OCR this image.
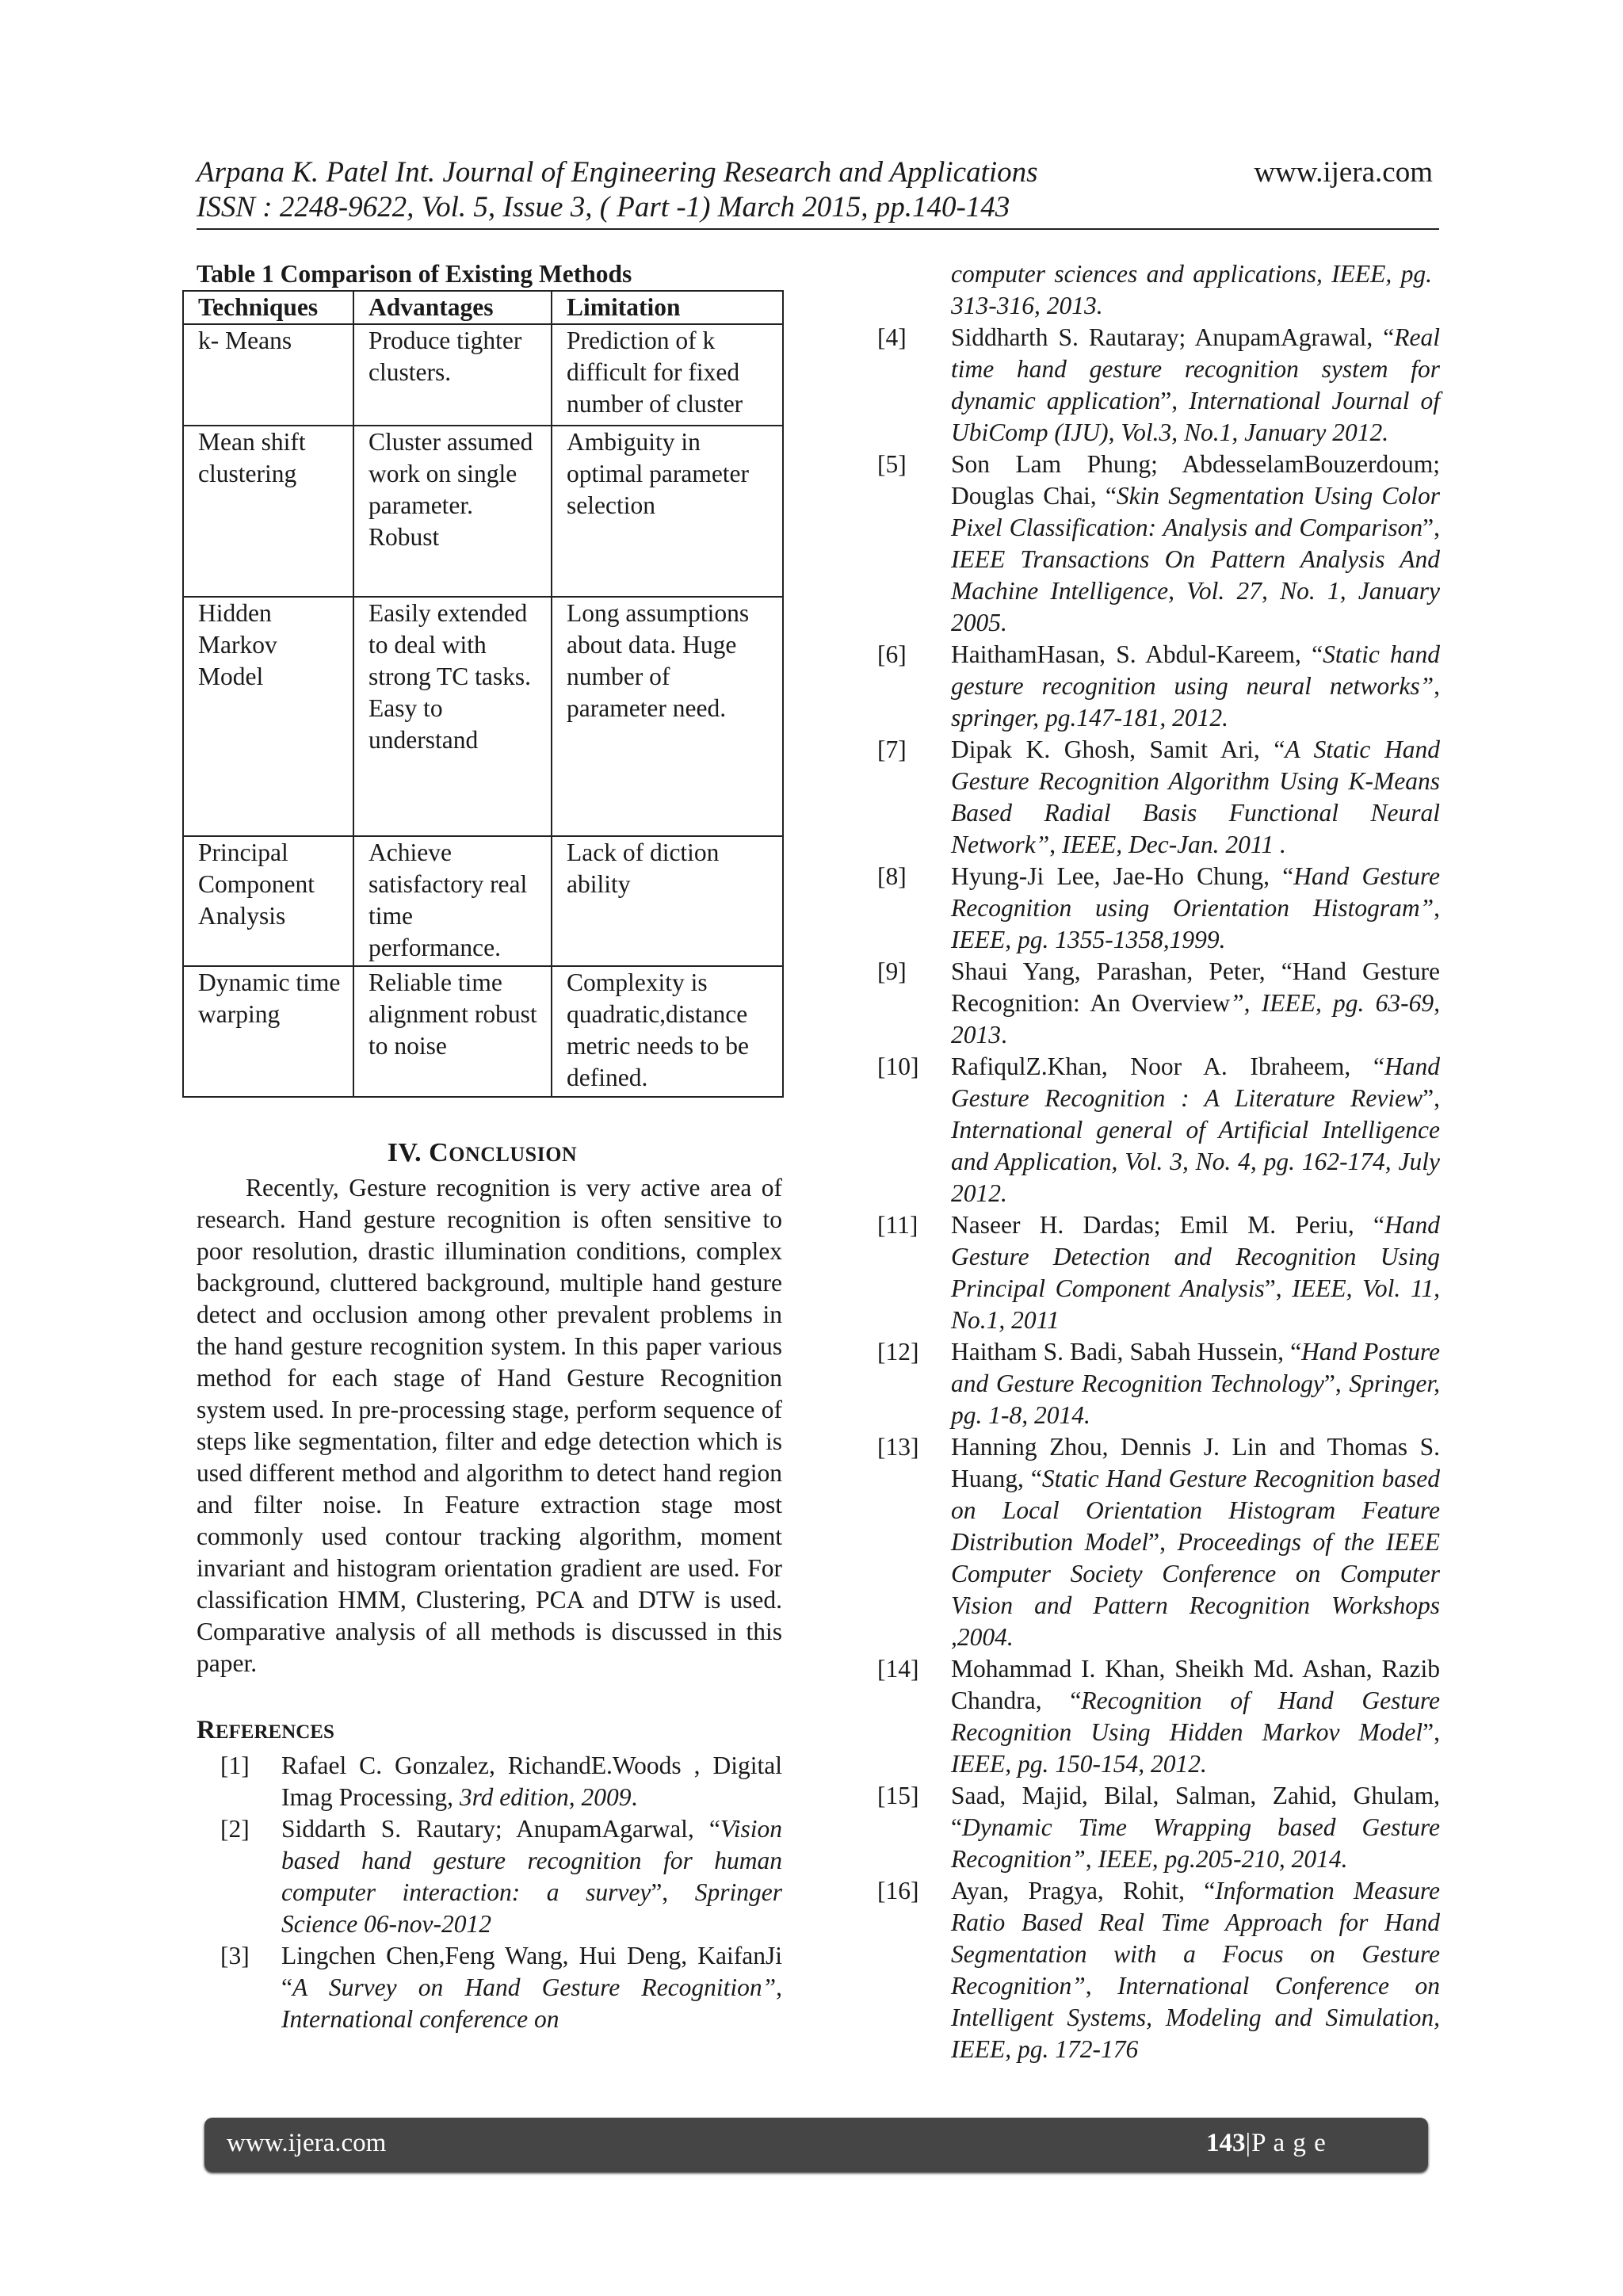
Arpana K. Patel Int. Journal of Engineering Research and Applications	www.ijera.com
ISSN : 2248-9622, Vol. 5, Issue 3, ( Part -1) March 2015, pp.140-143
Table 1 Comparison of Existing Methods
Techniques	Advantages	Limitation
k- Means	Produce tighter clusters.	Prediction of k difficult for fixed number of cluster
Mean shift clustering	Cluster assumed work on single parameter. Robust	Ambiguity in optimal parameter selection
Hidden Markov Model	Easily extended to deal with strong TC tasks. Easy to understand	Long assumptions about data. Huge number of parameter need.
Principal Component Analysis	Achieve satisfactory real time performance.	Lack of diction ability
Dynamic time warping	Reliable time alignment robust to noise	Complexity is quadratic,distance metric needs to be defined.
IV. CONCLUSION

Recently, Gesture recognition is very active area of research. Hand gesture recognition is often sensitive to poor resolution, drastic illumination conditions, complex background, cluttered background, multiple hand gesture detect and occlusion among other prevalent problems in the hand gesture recognition system. In this paper various method for each stage of Hand Gesture Recognition system used. In pre-processing stage, perform sequence of steps like segmentation, filter and edge detection which is used different method and algorithm to detect hand region and filter noise. In Feature extraction stage most commonly used contour tracking algorithm, moment invariant and histogram orientation gradient are used. For classification HMM, Clustering, PCA and DTW is used. Comparative analysis of all methods is discussed in this paper.

REFERENCES
[1]	Rafael C. Gonzalez, RichandE.Woods , Digital Imag Processing, 3rd edition, 2009.
[2]	Siddarth S. Rautary; AnupamAgarwal, “Vision based hand gesture recognition for human computer interaction: a survey”, Springer Science 06-nov-2012
[3]	Lingchen Chen,Feng Wang, Hui Deng, KaifanJi “A Survey on Hand Gesture Recognition”, International conference on
computer sciences and applications, IEEE, pg. 313-316, 2013.
[4]	Siddharth S. Rautaray; AnupamAgrawal, “Real time hand gesture recognition system for dynamic application”, International Journal of UbiComp (IJU), Vol.3, No.1, January 2012.
[5]	Son Lam Phung; AbdesselamBouzerdoum; Douglas Chai, “Skin Segmentation Using Color Pixel Classification: Analysis and Comparison”, IEEE Transactions On Pattern Analysis And Machine Intelligence, Vol. 27, No. 1, January 2005.
[6]	HaithamHasan, S. Abdul-Kareem, “Static hand gesture recognition using neural networks”, springer, pg.147-181, 2012.
[7]	Dipak K. Ghosh, Samit Ari, “A Static Hand Gesture Recognition Algorithm Using K-Means Based Radial Basis Functional Neural Network”, IEEE, Dec-Jan. 2011 .
[8]	Hyung-Ji Lee, Jae-Ho Chung, “Hand Gesture Recognition using Orientation Histogram”, IEEE, pg. 1355-1358,1999.
[9]	Shaui Yang, Parashan, Peter, “Hand Gesture Recognition: An Overview”, IEEE, pg. 63-69, 2013.
[10]	RafiqulZ.Khan, Noor A. Ibraheem, “Hand Gesture Recognition : A Literature Review”, International general of Artificial Intelligence and Application, Vol. 3, No. 4, pg. 162-174, July 2012.
[11]	Naseer H. Dardas; Emil M. Periu, “Hand Gesture Detection and Recognition Using Principal Component Analysis”, IEEE, Vol. 11, No.1, 2011
[12]	Haitham S. Badi, Sabah Hussein, “Hand Posture and Gesture Recognition Technology”, Springer, pg. 1-8, 2014.
[13]	Hanning Zhou, Dennis J. Lin and Thomas S. Huang, “Static Hand Gesture Recognition based on Local Orientation Histogram Feature Distribution Model”, Proceedings of the IEEE Computer Society Conference on Computer Vision and Pattern Recognition Workshops ,2004.
[14]	Mohammad I. Khan, Sheikh Md. Ashan, Razib Chandra, “Recognition of Hand Gesture Recognition Using Hidden Markov Model”, IEEE, pg. 150-154, 2012.
[15]	Saad, Majid, Bilal, Salman, Zahid, Ghulam, “Dynamic Time Wrapping based Gesture Recognition”, IEEE, pg.205-210, 2014.
[16]	Ayan, Pragya, Rohit, “Information Measure Ratio Based Real Time Approach for Hand Segmentation with a Focus on Gesture Recognition”, International Conference on Intelligent Systems, Modeling and Simulation, IEEE, pg. 172-176
www.ijera.com	143|P a g e
